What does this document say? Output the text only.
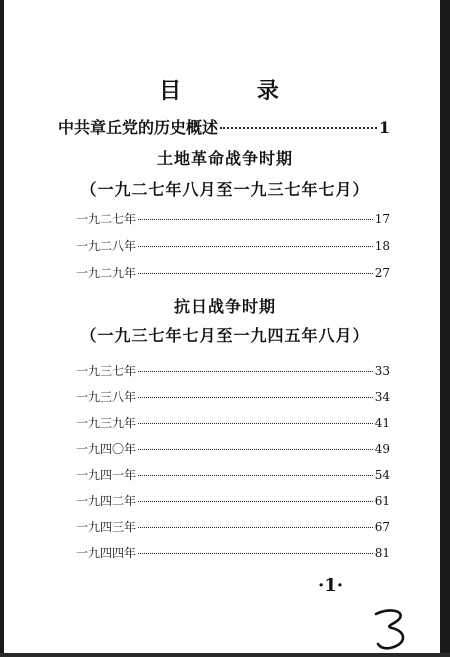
目 录
中共章丘党的历史概述	1
土地革命战争时期
（一九二七年八月至一九三七年七月）
一九二七年	17
一九二八年	18
一九二九年	27
抗日战争时期
（一九三七年七月至一九四五年八月）
一九三七年	33
一九三八年	34
一九三九年	41
一九四〇年	49
一九四一年	54
一九四二年	61
一九四三年	67
一九四四年	81
·1·
